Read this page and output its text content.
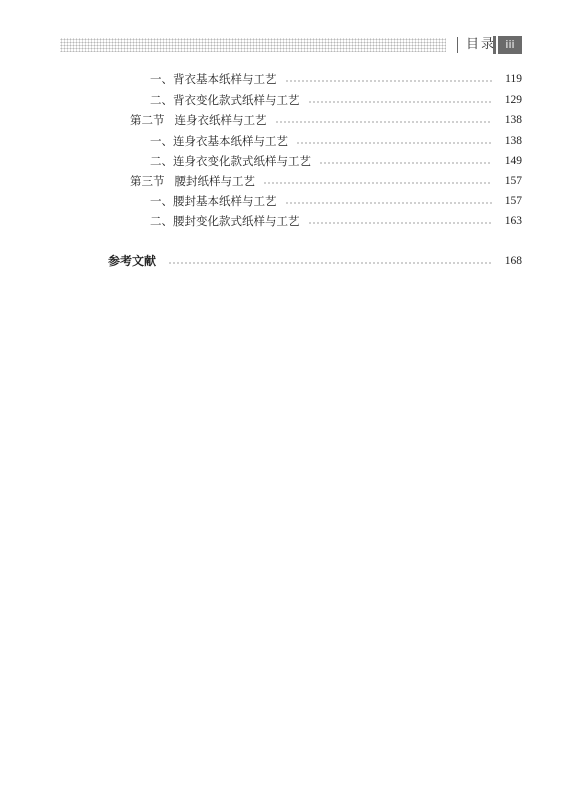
目录 iii
一、背衣基本纸样与工艺	119
二、背衣变化款式纸样与工艺	129
第二节 连身衣纸样与工艺	138
一、连身衣基本纸样与工艺	138
二、连身衣变化款式纸样与工艺	149
第三节 腰封纸样与工艺	157
一、腰封基本纸样与工艺	157
二、腰封变化款式纸样与工艺	163
参考文献	168
